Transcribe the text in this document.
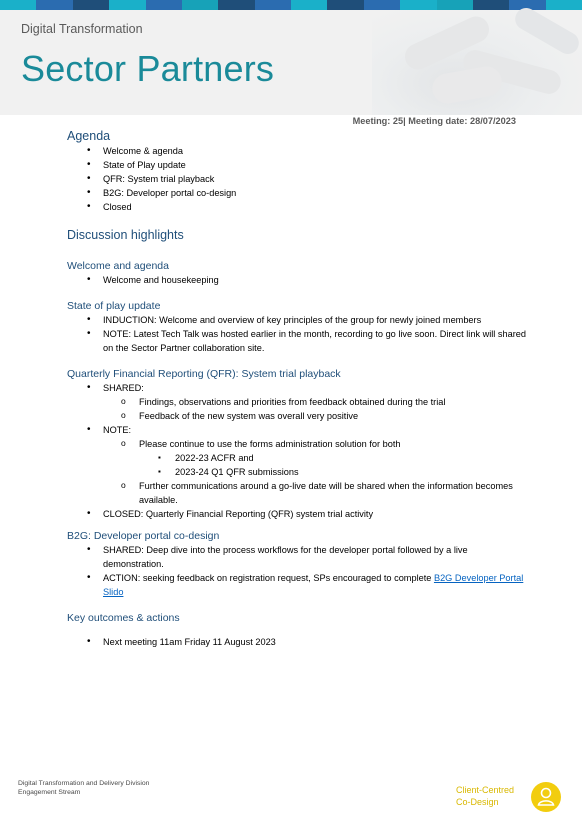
Digital Transformation
Sector Partners
Meeting: 25| Meeting date: 28/07/2023
Agenda
• Welcome & agenda
• State of Play update
• QFR: System trial playback
• B2G: Developer portal co-design
• Closed
Discussion highlights
Welcome and agenda
• Welcome and housekeeping
State of play update
• INDUCTION: Welcome and overview of key principles of the group for newly joined members
• NOTE: Latest Tech Talk was hosted earlier in the month, recording to go live soon. Direct link will shared on the Sector Partner collaboration site.
Quarterly Financial Reporting (QFR): System trial playback
• SHARED:
o Findings, observations and priorities from feedback obtained during the trial
o Feedback of the new system was overall very positive
• NOTE:
o Please continue to use the forms administration solution for both
▪ 2022-23 ACFR and
▪ 2023-24 Q1 QFR submissions
o Further communications around a go-live date will be shared when the information becomes available.
• CLOSED: Quarterly Financial Reporting (QFR) system trial activity
B2G: Developer portal co-design
• SHARED: Deep dive into the process workflows for the developer portal followed by a live demonstration.
• ACTION: seeking feedback on registration request, SPs encouraged to complete B2G Developer Portal Slido
Key outcomes & actions
• Next meeting 11am Friday 11 August 2023
Digital Transformation and Delivery Division
Engagement Stream	Client-Centred
Co-Design
